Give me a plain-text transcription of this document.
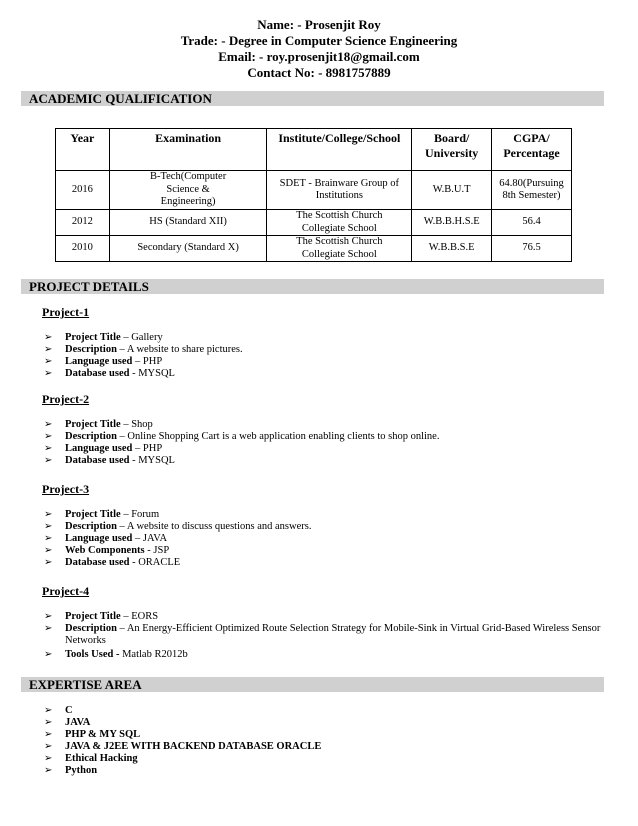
Name: - Prosenjit Roy
Trade: - Degree in Computer Science Engineering
Email: - roy.prosenjit18@gmail.com
Contact No: - 8981757889
ACADEMIC QUALIFICATION
Year	Examination	Institute/College/School	Board/ University	CGPA/ Percentage
2016	B-Tech(Computer Science & Engineering)	SDET - Brainware Group of Institutions	W.B.U.T	64.80(Pursuing 8th Semester)
2012	HS (Standard XII)	The Scottish Church Collegiate School	W.B.B.H.S.E	56.4
2010	Secondary (Standard X)	The Scottish Church Collegiate School	W.B.B.S.E	76.5
PROJECT DETAILS
Project-1
➢ Project Title – Gallery
➢ Description – A website to share pictures.
➢ Language used – PHP
➢ Database used - MYSQL
Project-2
➢ Project Title – Shop
➢ Description – Online Shopping Cart is a web application enabling clients to shop online.
➢ Language used – PHP
➢ Database used - MYSQL
Project-3
➢ Project Title – Forum
➢ Description – A website to discuss questions and answers.
➢ Language used – JAVA
➢ Web Components - JSP
➢ Database used - ORACLE
Project-4
➢ Project Title – EORS
➢ Description – An Energy-Efficient Optimized Route Selection Strategy for Mobile-Sink in Virtual Grid-Based Wireless Sensor Networks
➢ Tools Used - Matlab R2012b
EXPERTISE AREA
➢ C
➢ JAVA
➢ PHP & MY SQL
➢ JAVA & J2EE WITH BACKEND DATABASE ORACLE
➢ Ethical Hacking
➢ Python
